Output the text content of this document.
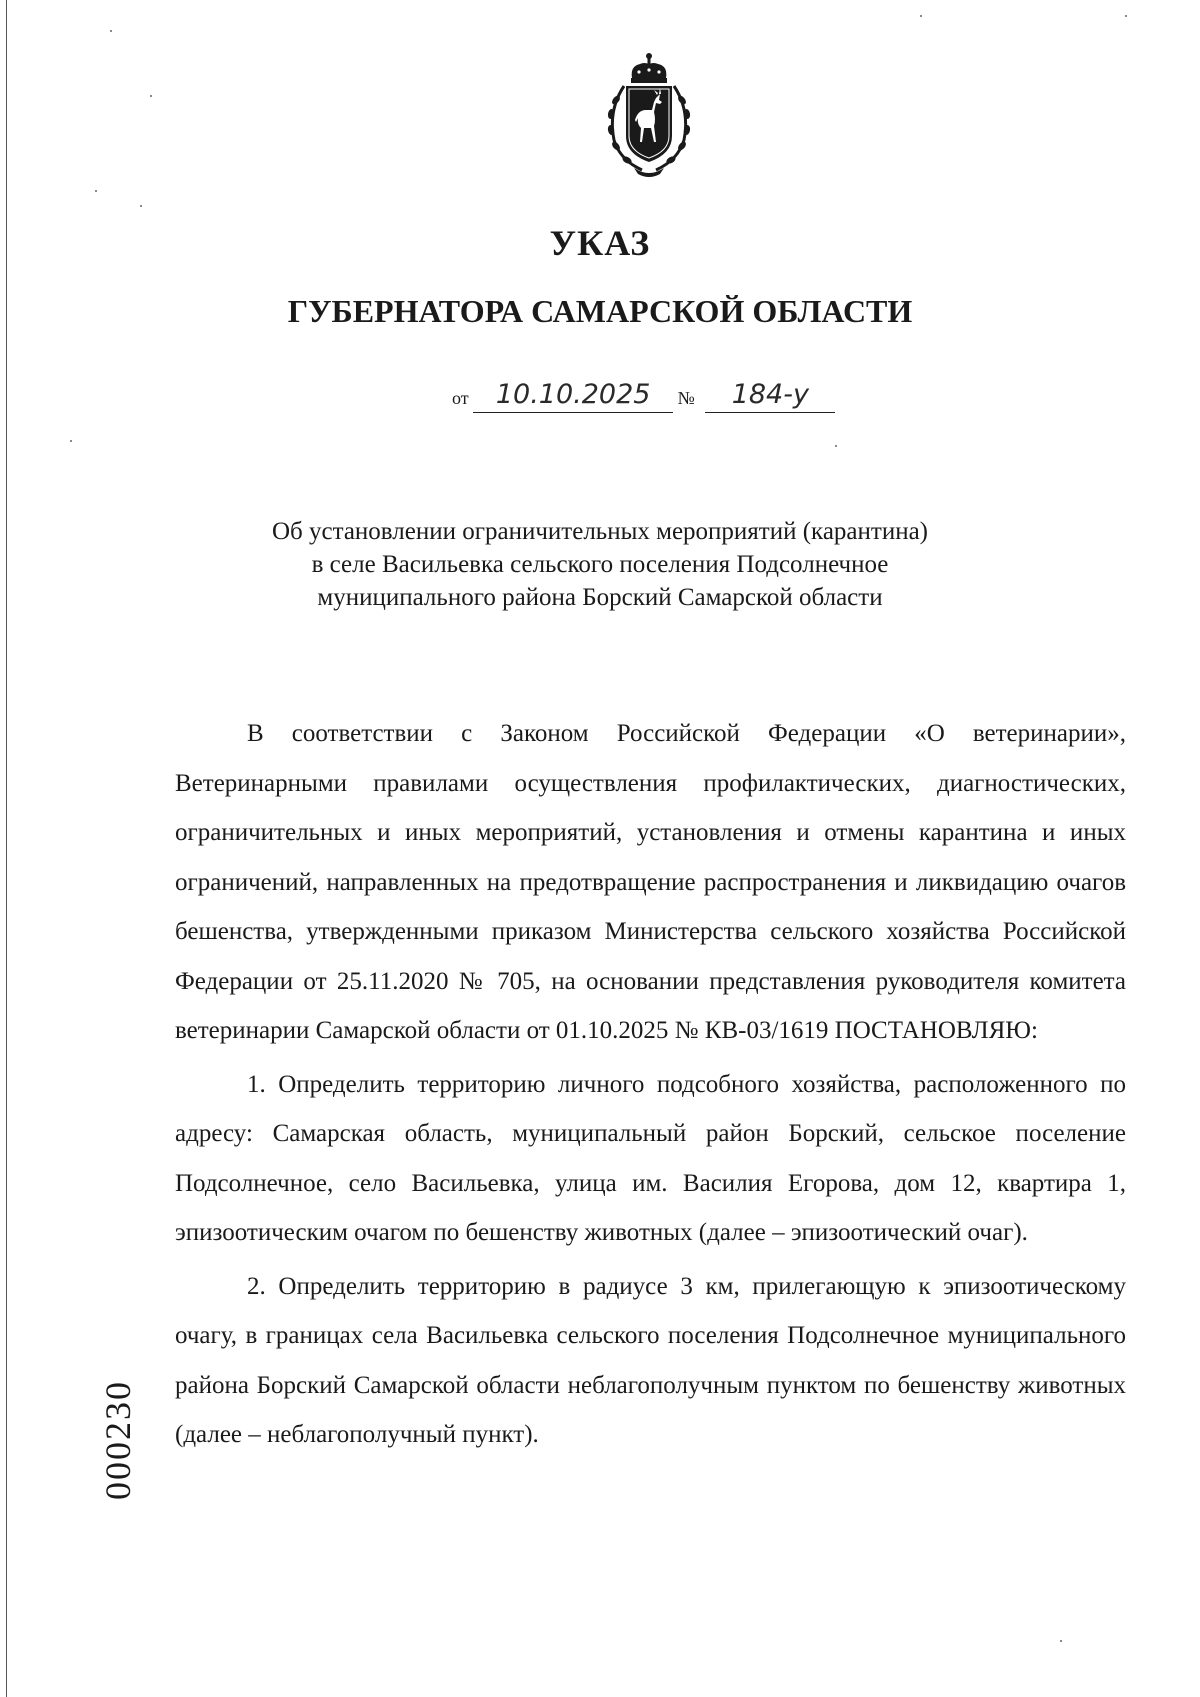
УКАЗ
ГУБЕРНАТОРА САМАРСКОЙ ОБЛАСТИ
от 10.10.2025 № 184-у
Об установлении ограничительных мероприятий (карантина)
в селе Васильевка сельского поселения Подсолнечное
муниципального района Борский Самарской области

В соответствии с Законом Российской Федерации «О ветеринарии», Ветеринарными правилами осуществления профилактических, диагностических, ограничительных и иных мероприятий, установления и отмены карантина и иных ограничений, направленных на предотвращение распространения и ликвидацию очагов бешенства, утвержденными приказом Министерства сельского хозяйства Российской Федерации от 25.11.2020 № 705, на основании представления руководителя комитета ветеринарии Самарской области от 01.10.2025 № КВ-03/1619 ПОСТАНОВЛЯЮ:

1. Определить территорию личного подсобного хозяйства, расположенного по адресу: Самарская область, муниципальный район Борский, сельское поселение Подсолнечное, село Васильевка, улица им. Василия Егорова, дом 12, квартира 1, эпизоотическим очагом по бешенству животных (далее – эпизоотический очаг).

2. Определить территорию в радиусе 3 км, прилегающую к эпизоотическому очагу, в границах села Васильевка сельского поселения Подсолнечное муниципального района Борский Самарской области неблагополучным пунктом по бешенству животных (далее – неблагополучный пункт).

000230
